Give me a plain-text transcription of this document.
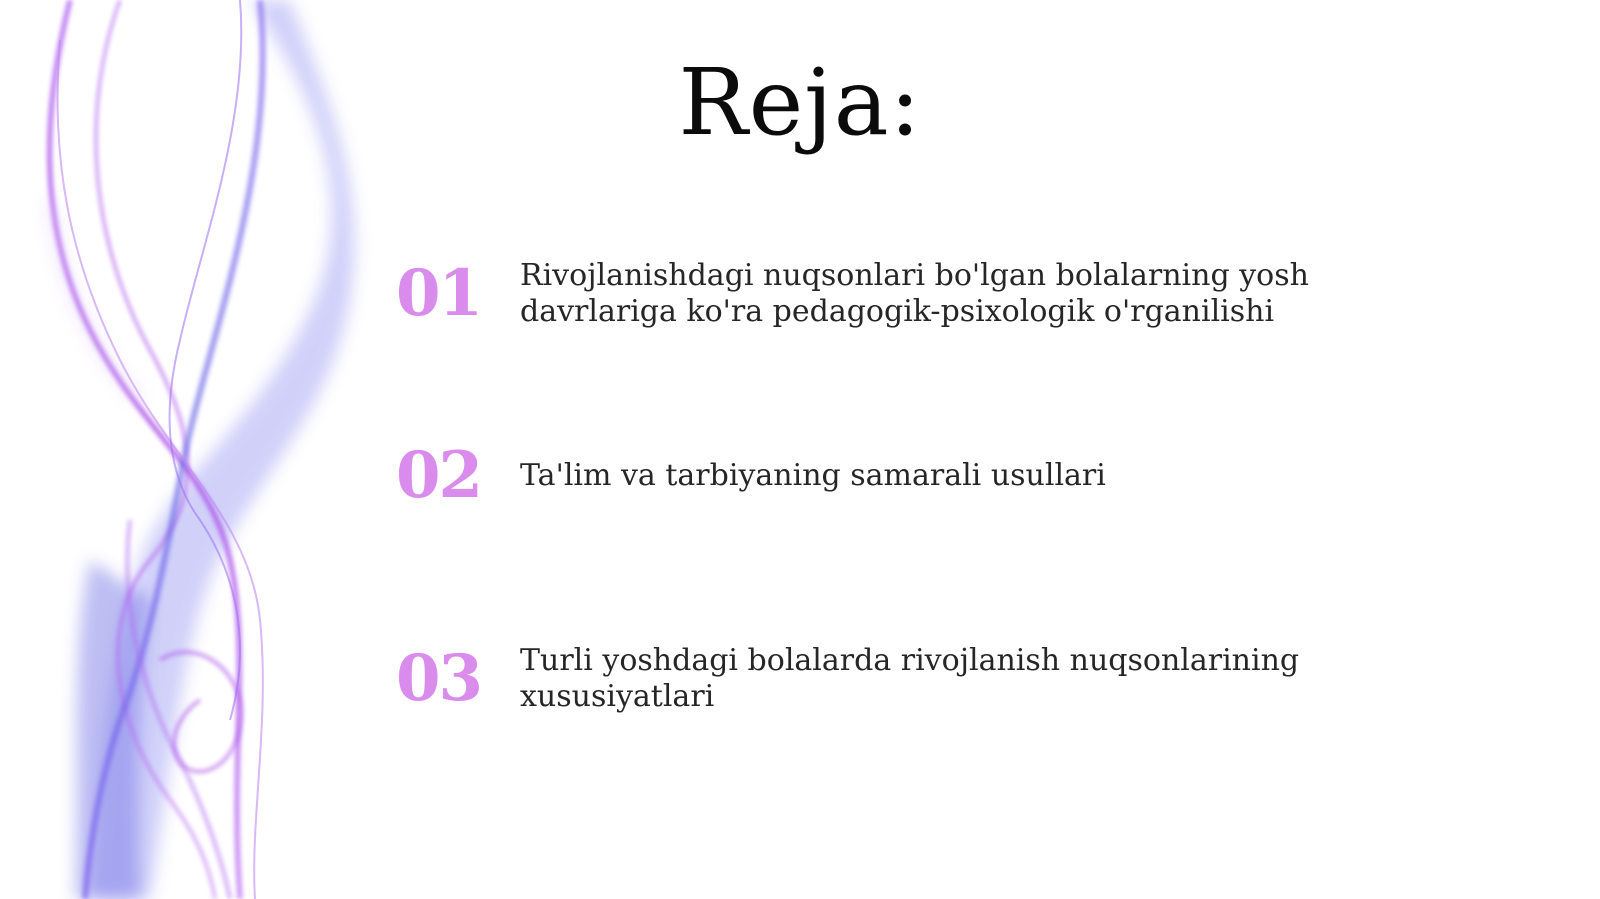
Reja:
01	Rivojlanishdagi nuqsonlari bo'lgan bolalarning yosh davrlariga ko'ra pedagogik-psixologik o'rganilishi
02	Ta'lim va tarbiyaning samarali usullari
03	Turli yoshdagi bolalarda rivojlanish nuqsonlarining xususiyatlari
